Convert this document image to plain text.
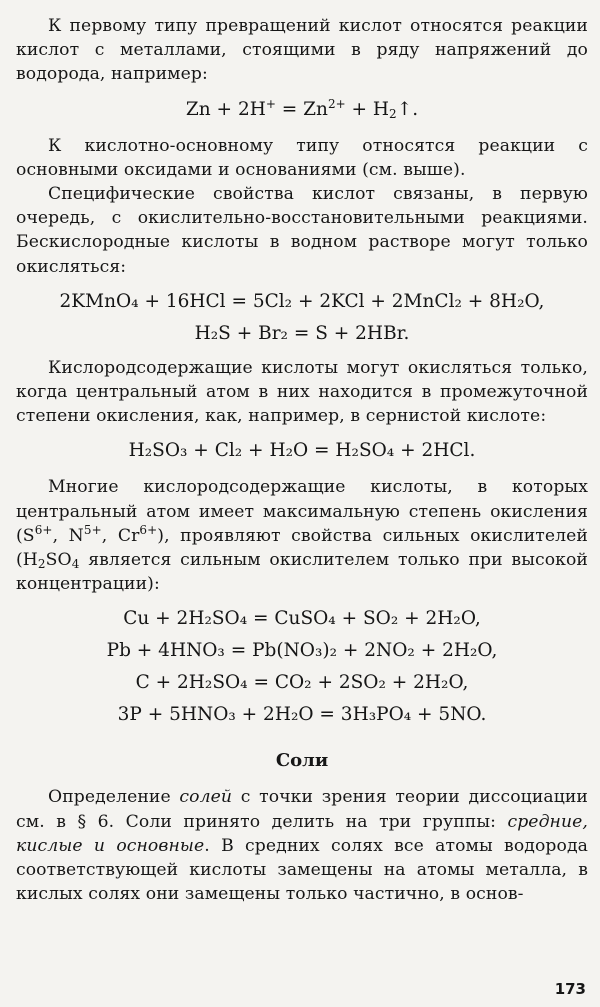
К первому типу превращений кислот относятся реакции кислот с металлами, стоящими в ряду напряжений до водорода, например:

$Zn + 2H^+ = Zn^{2+}$ + $H_2↑$.

К кислотно-основному типу относятся реакции с основными оксидами и основаниями (см. выше).

Специфические свойства кислот связаны, в первую очередь, с окислительно-восстановительными реакциями. Бескислородные кислоты в водном растворе могут только окисляться:

2KMnO₄ + 16HCl = 5Cl₂ + 2KCl + 2MnCl₂ + 8H₂O,
H₂S + Br₂ = S + 2HBr.

Кислородсодержащие кислоты могут окисляться только, когда центральный атом в них находится в промежуточной степени окисления, как, например, в сернистой кислоте:

H₂SO₃ + Cl₂ + H₂O = H₂SO₄ + 2HCl.

Многие кислородсодержащие кислоты, в которых центральный атом имеет максимальную степень окисления ($S^{6+}$, $N^{5+}$, $Cr^{6+}$), проявляют свойства сильных окислителей ($H_2SO_4$ является сильным окислителем только при высокой концентрации):

Cu + 2H₂SO₄ = CuSO₄ + SO₂ + 2H₂O,
Pb + 4HNO₃ = Pb(NO₃)₂ + 2NO₂ + 2H₂O,
C + 2H₂SO₄ = CO₂ + 2SO₂ + 2H₂O,
3P + 5HNO₃ + 2H₂O = 3H₃PO₄ + 5NO.
Соли

Определение солей с точки зрения теории диссоциации см. в § 6. Соли принято делить на три группы: средние, кислые и основные. В средних солях все атомы водорода соответствующей кислоты замещены на атомы металла, в кислых солях они замещены только частично, в основ-

173
